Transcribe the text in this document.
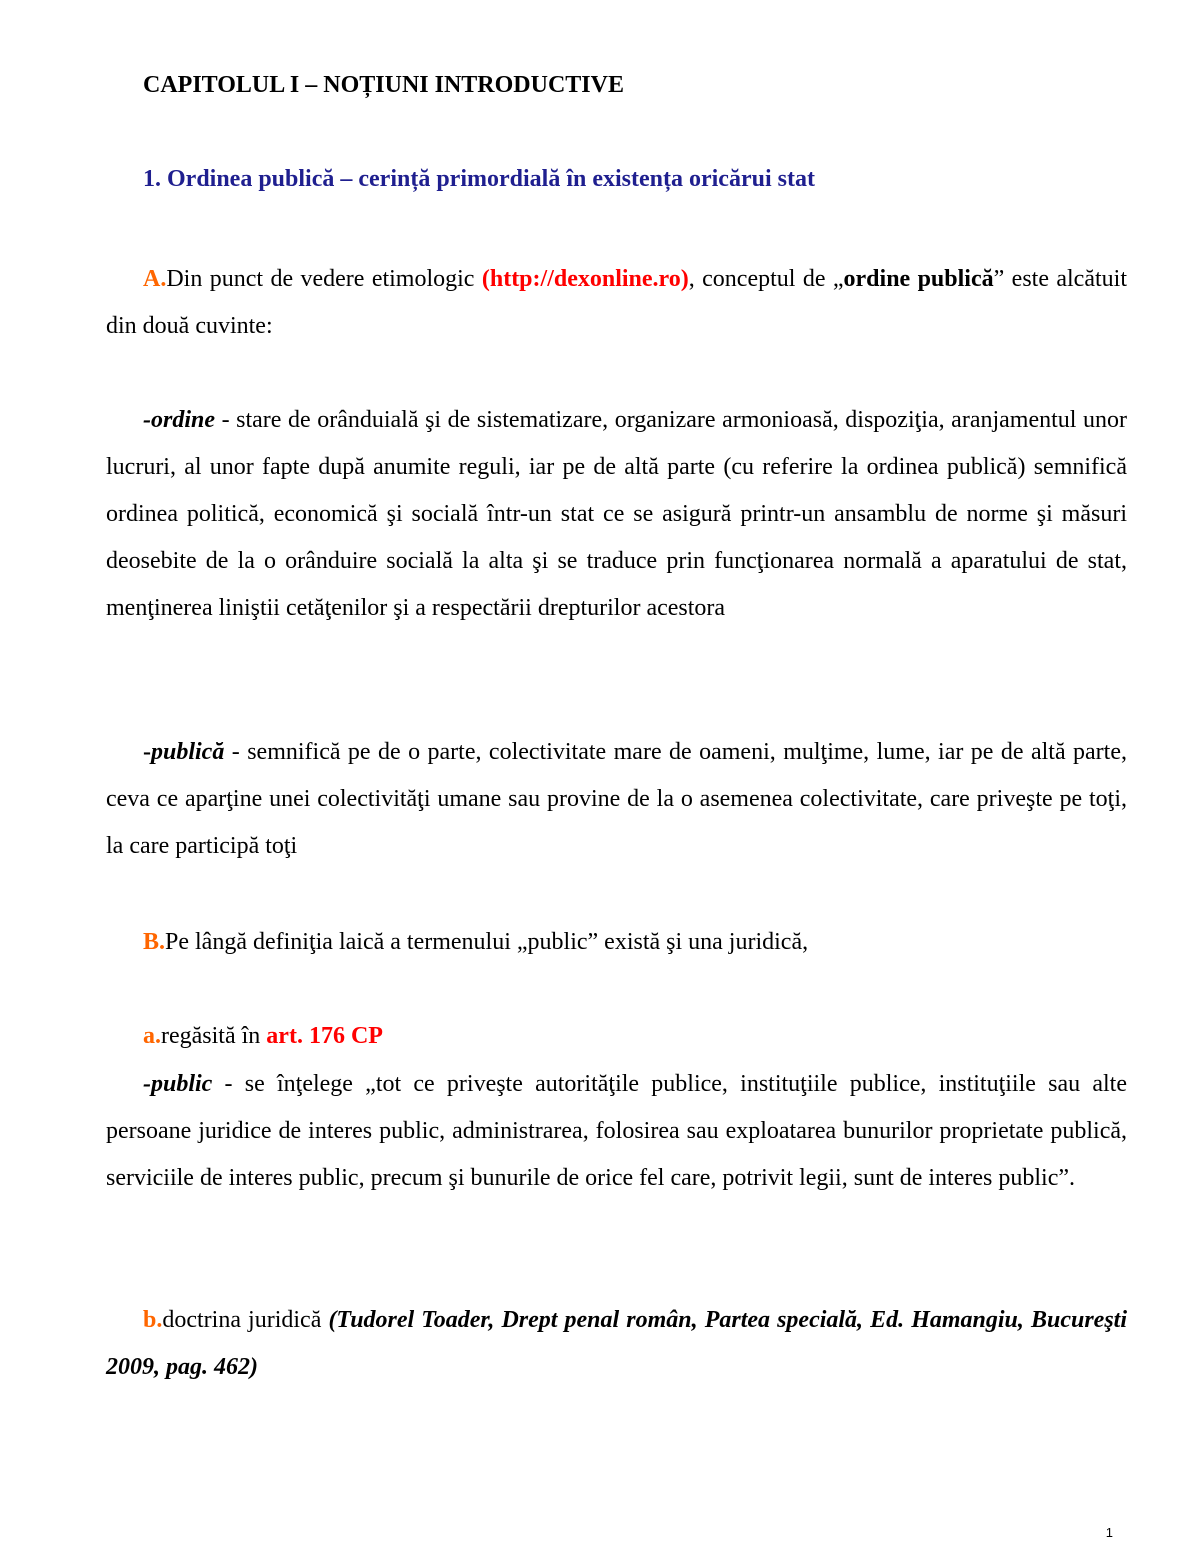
CAPITOLUL I – NOȚIUNI INTRODUCTIVE
1. Ordinea publică – cerință primordială în existența oricărui stat
A.Din punct de vedere etimologic (http://dexonline.ro), conceptul de „ordine publică” este alcătuit din două cuvinte:
-ordine - stare de orânduială şi de sistematizare, organizare armonioasă, dispoziţia, aranjamentul unor lucruri, al unor fapte după anumite reguli, iar pe de altă parte (cu referire la ordinea publică) semnifică ordinea politică, economică şi socială într-un stat ce se asigură printr-un ansamblu de norme şi măsuri deosebite de la o orânduire socială la alta şi se traduce prin funcţionarea normală a aparatului de stat, menţinerea liniştii cetăţenilor şi a respectării drepturilor acestora
-publică - semnifică pe de o parte, colectivitate mare de oameni, mulţime, lume, iar pe de altă parte, ceva ce aparţine unei colectivităţi umane sau provine de la o asemenea colectivitate, care priveşte pe toţi, la care participă toţi
B.Pe lângă definiţia laică a termenului „public” există şi una juridică,
a.regăsită în art. 176 CP
-public - se înţelege „tot ce priveşte autorităţile publice, instituţiile publice, instituţiile sau alte persoane juridice de interes public, administrarea, folosirea sau exploatarea bunurilor proprietate publică, serviciile de interes public, precum şi bunurile de orice fel care, potrivit legii, sunt de interes public”.
b.doctrina juridică (Tudorel Toader, Drept penal român, Partea specială, Ed. Hamangiu, Bucureşti 2009, pag. 462)
1
